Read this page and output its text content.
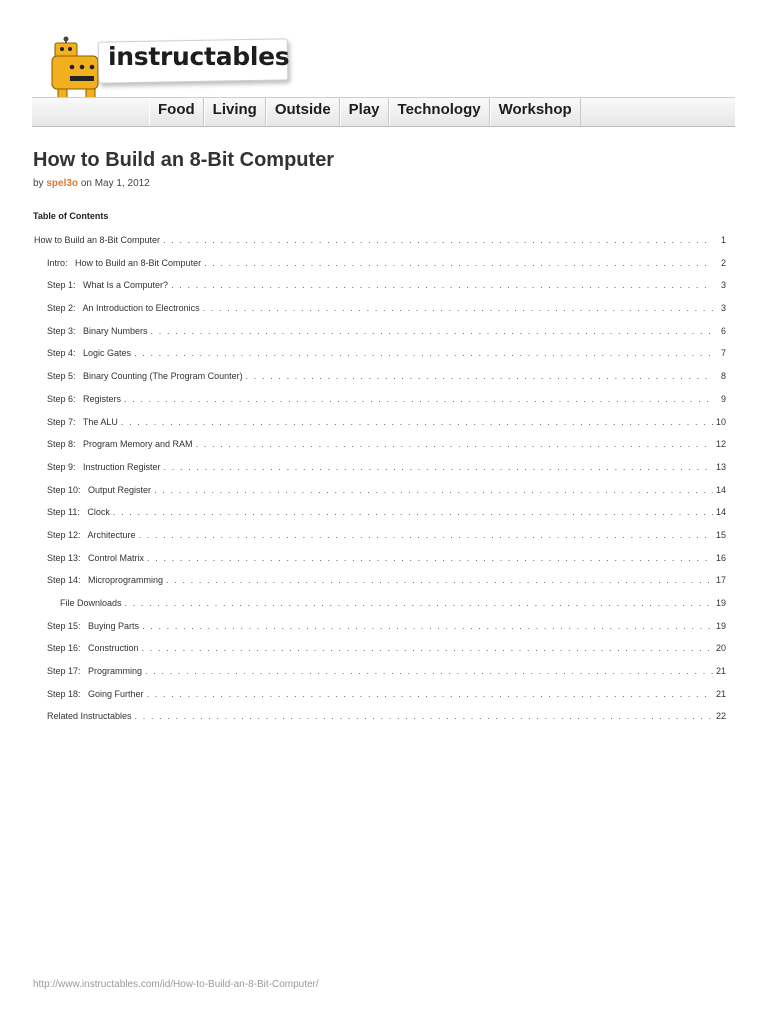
instructables
Food	Living	Outside	Play	Technology	Workshop
How to Build an 8-Bit Computer
by spel3o on May 1, 2012
Table of Contents
How to Build an 8-Bit Computer . . .	1
Intro:   How to Build an 8-Bit Computer . . .	2
Step 1:   What Is a Computer? . . .	3
Step 2:   An Introduction to Electronics . . .	3
Step 3:   Binary Numbers . . .	6
Step 4:   Logic Gates . . .	7
Step 5:   Binary Counting (The Program Counter) . . .	8
Step 6:   Registers . . .	9
Step 7:   The ALU . . .	10
Step 8:   Program Memory and RAM . . .	12
Step 9:   Instruction Register . . .	13
Step 10:   Output Register . . .	14
Step 11:   Clock . . .	14
Step 12:   Architecture . . .	15
Step 13:   Control Matrix . . .	16
Step 14:   Microprogramming . . .	17
File Downloads . . .	19
Step 15:   Buying Parts . . .	19
Step 16:   Construction . . .	20
Step 17:   Programming . . .	21
Step 18:   Going Further . . .	21
Related Instructables . . .	22
http://www.instructables.com/id/How-to-Build-an-8-Bit-Computer/
